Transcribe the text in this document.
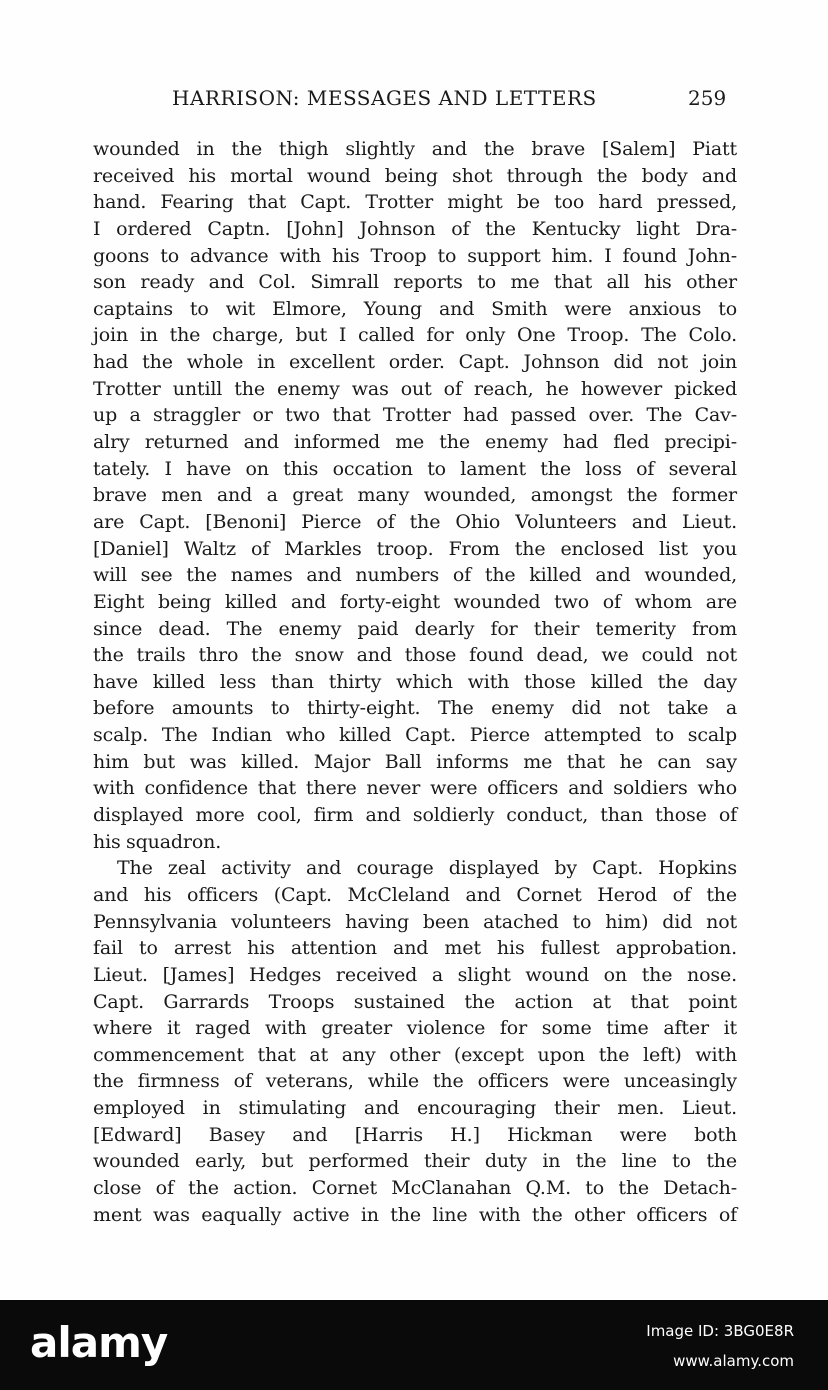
HARRISON: MESSAGES AND LETTERS	259
wounded in the thigh slightly and the brave [Salem] Piatt
received his mortal wound being shot through the body and
hand. Fearing that Capt. Trotter might be too hard pressed,
I ordered Captn. [John] Johnson of the Kentucky light Dra-
goons to advance with his Troop to support him. I found John-
son ready and Col. Simrall reports to me that all his other
captains to wit Elmore, Young and Smith were anxious to
join in the charge, but I called for only One Troop. The Colo.
had the whole in excellent order. Capt. Johnson did not join
Trotter untill the enemy was out of reach, he however picked
up a straggler or two that Trotter had passed over. The Cav-
alry returned and informed me the enemy had fled precipi-
tately. I have on this occation to lament the loss of several
brave men and a great many wounded, amongst the former
are Capt. [Benoni] Pierce of the Ohio Volunteers and Lieut.
[Daniel] Waltz of Markles troop. From the enclosed list you
will see the names and numbers of the killed and wounded,
Eight being killed and forty-eight wounded two of whom are
since dead. The enemy paid dearly for their temerity from
the trails thro the snow and those found dead, we could not
have killed less than thirty which with those killed the day
before amounts to thirty-eight. The enemy did not take a
scalp. The Indian who killed Capt. Pierce attempted to scalp
him but was killed. Major Ball informs me that he can say
with confidence that there never were officers and soldiers who
displayed more cool, firm and soldierly conduct, than those of
his squadron.
The zeal activity and courage displayed by Capt. Hopkins
and his officers (Capt. McCleland and Cornet Herod of the
Pennsylvania volunteers having been atached to him) did not
fail to arrest his attention and met his fullest approbation.
Lieut. [James] Hedges received a slight wound on the nose.
Capt. Garrards Troops sustained the action at that point
where it raged with greater violence for some time after it
commencement that at any other (except upon the left) with
the firmness of veterans, while the officers were unceasingly
employed in stimulating and encouraging their men. Lieut.
[Edward] Basey and [Harris H.] Hickman were both
wounded early, but performed their duty in the line to the
close of the action. Cornet McClanahan Q.M. to the Detach-
ment was eaqually active in the line with the other officers of
alamy	Image ID: 3BG0E8R
www.alamy.com
